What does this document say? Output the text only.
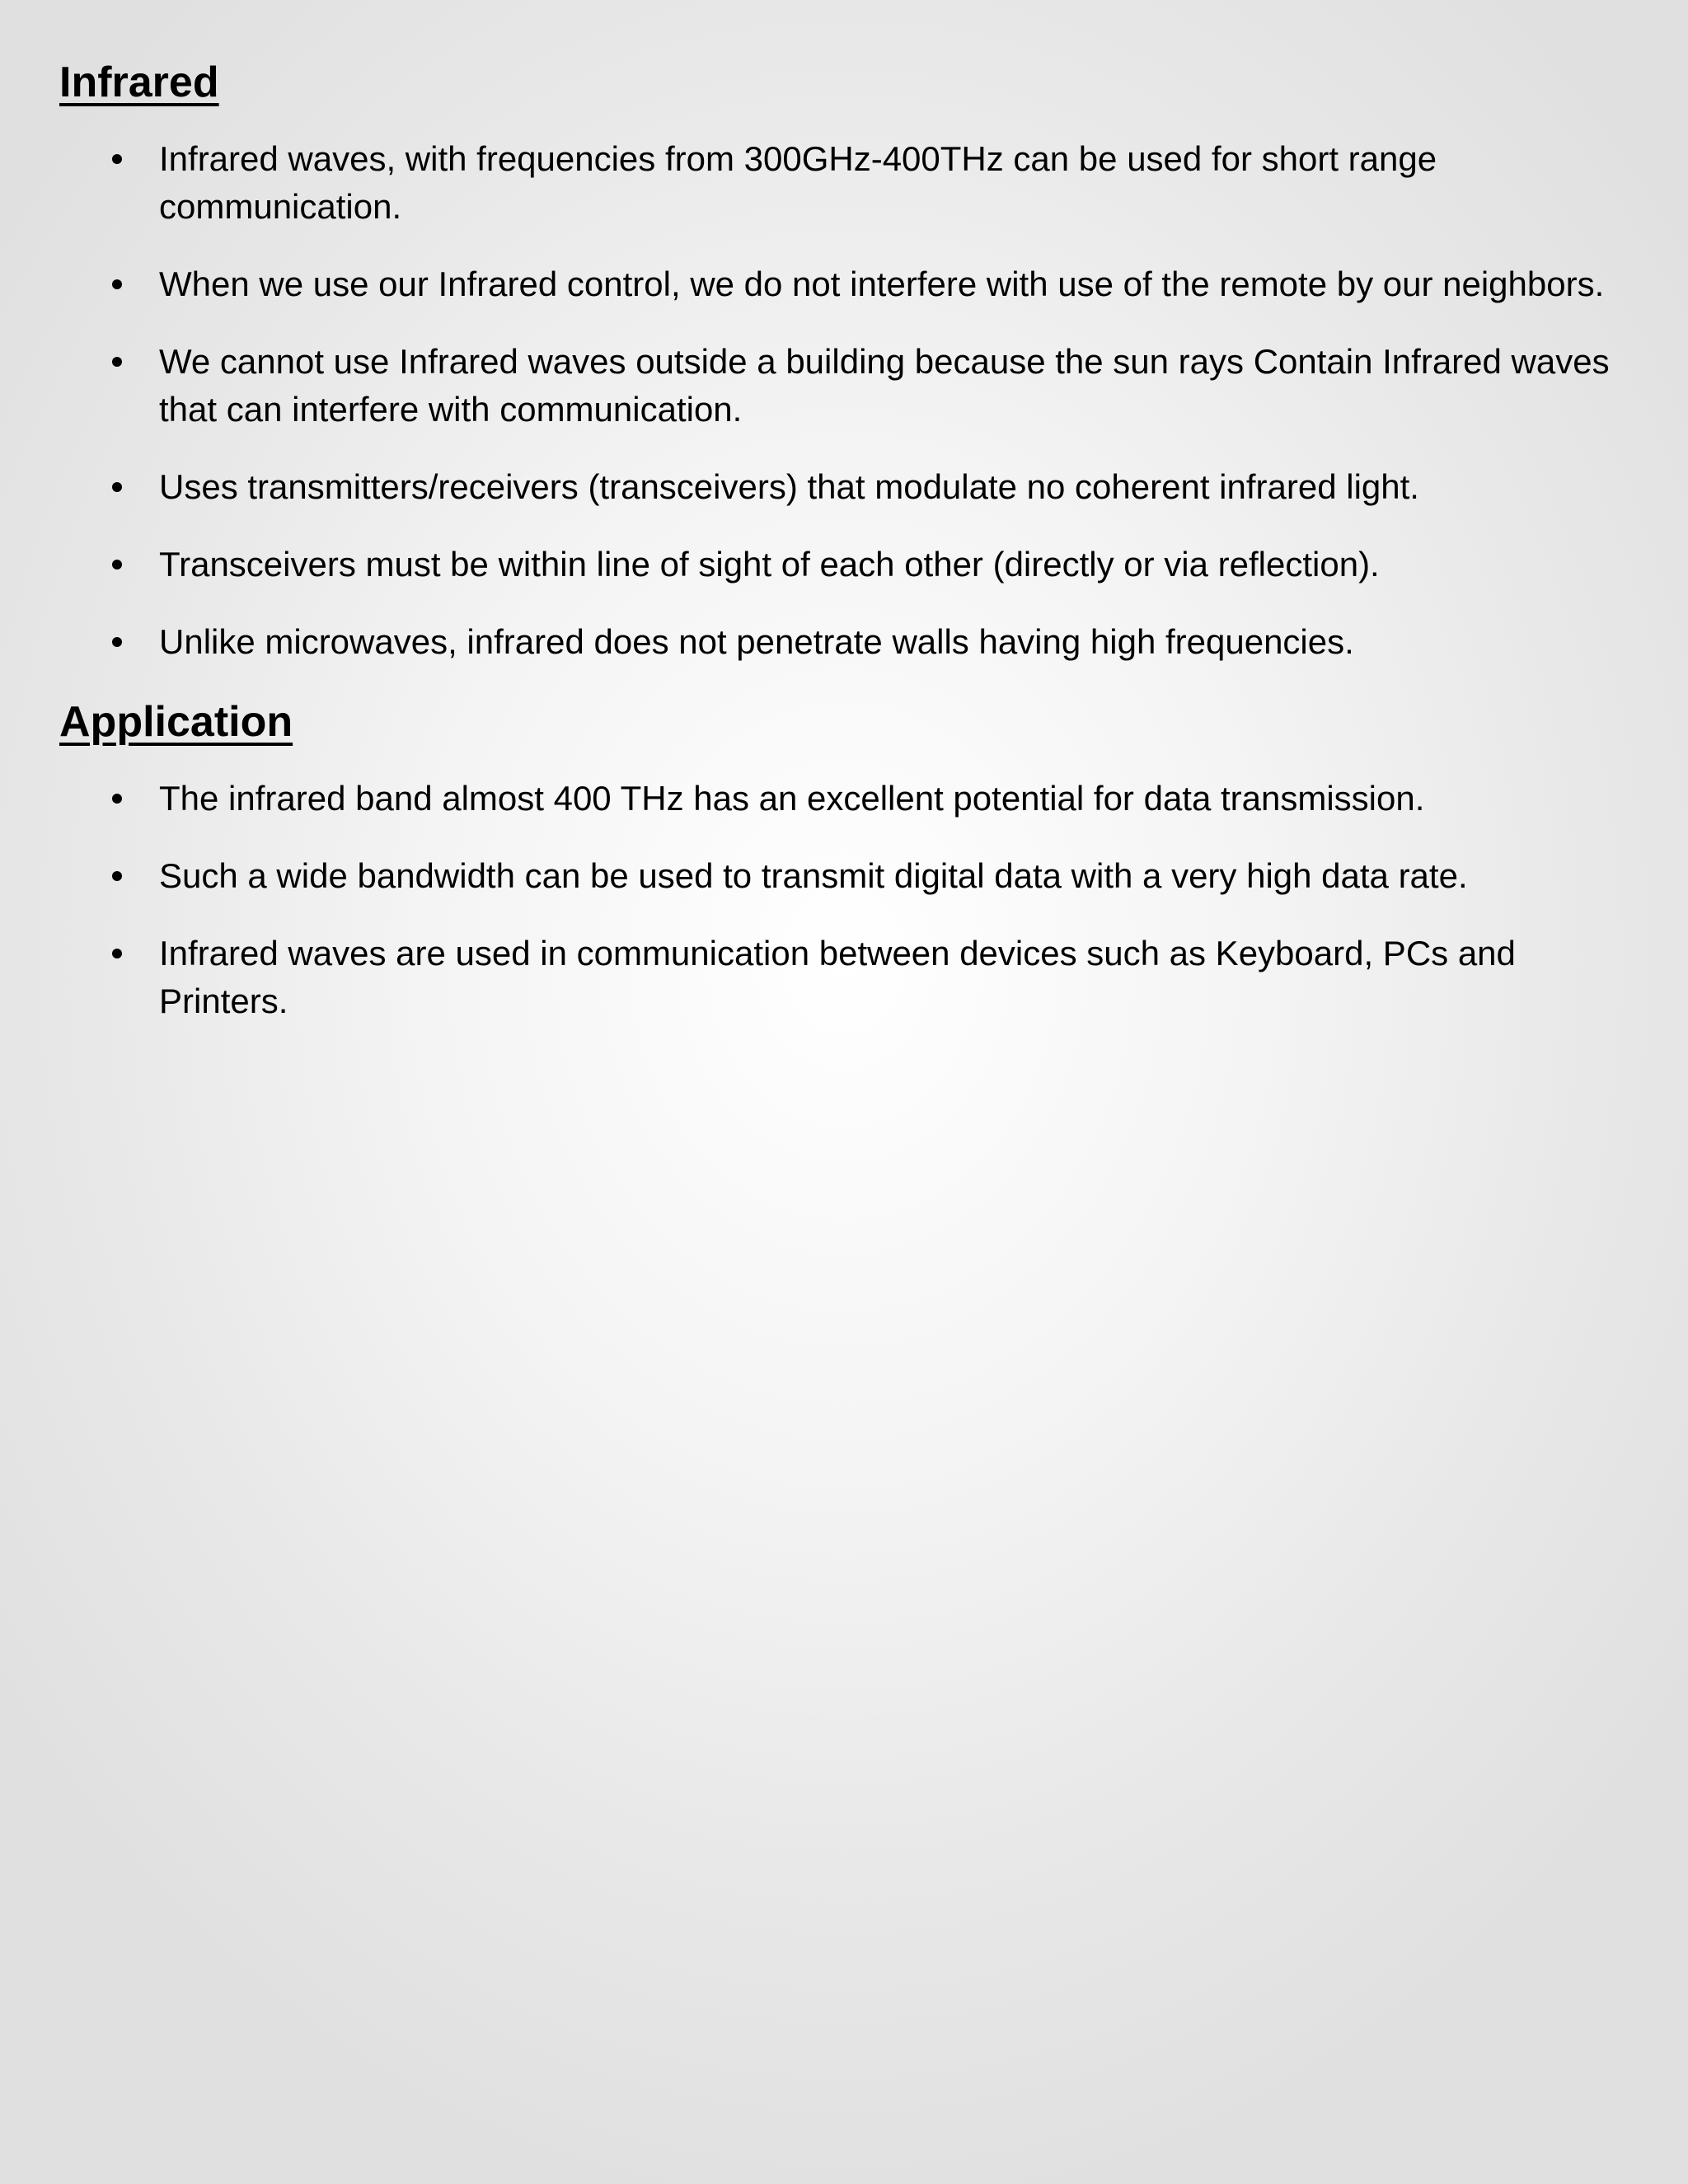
Infrared
Infrared waves, with frequencies from 300GHz-400THz can be used for short range communication.
When we use our Infrared control, we do not interfere with use of the remote by our neighbors.
We cannot use Infrared waves outside a building because the sun rays Contain Infrared waves that can interfere with communication.
Uses transmitters/receivers (transceivers) that modulate no coherent infrared light.
Transceivers must be within line of sight of each other (directly or via reflection).
Unlike microwaves, infrared does not penetrate walls having high frequencies.
Application
The infrared band almost 400 THz has an excellent potential for data transmission.
Such a wide bandwidth can be used to transmit digital data with a very high data rate.
Infrared waves are used in communication between devices such as Keyboard, PCs and Printers.
